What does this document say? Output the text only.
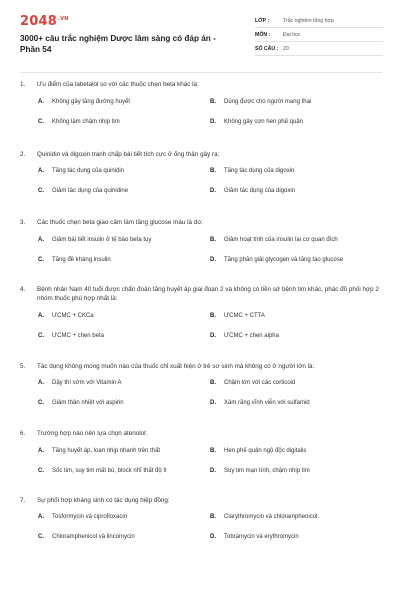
$2048^{.VN}$
3000+ câu trắc nghiệm Dược lâm sàng có đáp án - Phần 54
LỚP :	Trắc nghiệm tổng hợp
MÔN :	Đại học
SỐ CÂU : 20
1.	Ưu điểm của labetalol so với các thuốc chẹn beta khác là:
A.	Không gây tăng đường huyết	B.	Dùng được cho người mang thai
C.	Không làm chậm nhịp tim	D.	Không gây cơn hen phế quản
2.	Quinidin và digoxin tranh chấp bài tiết tích cực ở ống thận gây ra:
A.	Tăng tác dụng của quinidin	B.	Tăng tác dụng của digoxin
C.	Giảm tác dụng của quinidine	D.	Giảm tác dụng của digoxin
3.	Các thuốc chẹn beta giao cảm làm tăng glucose máu là do:
A.	Giảm bài tiết insulin ở tế bào beta tụy	B.	Giảm hoạt tính của insulin lại cơ quan đích
C.	Tăng đề kháng insulin	D.	Tăng phân giải glycogen và tăng tạo glucose
4.	Bệnh nhân Nam 40 tuổi được chẩn đoán tăng huyết áp giai đoạn 2 và không có tiền sử bệnh tim khác, phác đồ phối hợp 2 nhóm thuốc phù hợp nhất là:
A.	ƯCMC + CKCa	B.	ƯCMC + CTTA
C.	ƯCMC + chẹn beta	D.	ƯCMC + chẹn alpha
5.	Tác dụng không mong muốn nào của thuốc chỉ xuất hiện ở trẻ sơ sinh mà không có ở người lớn là:
A.	Dậy thì sớm với Vitamin A	B.	Chậm lớn với các corticoid
C.	Giảm thân nhiệt với aspirin	D.	Xám răng vĩnh viễn với sulfamid
6.	Trường hợp nào nên lựa chọn atenolol:
A.	Tăng huyết áp, loạn nhịp nhanh trên thất	B.	Hen phế quản ngộ độc digitalis
C.	Sốc tim, suy tim mất bù, block nhĩ thất độ II	D.	Suy tim mạn tính, chậm nhịp tim
7.	Sự phối hợp kháng sinh có tác dụng hiệp đồng:
A.	Tosformycin và ciprofloxacin	B.	Clarythromycin và chloramphenicol.
C.	Chloramphenicol và lincomycin	D.	Tobramycin và erythromycin
